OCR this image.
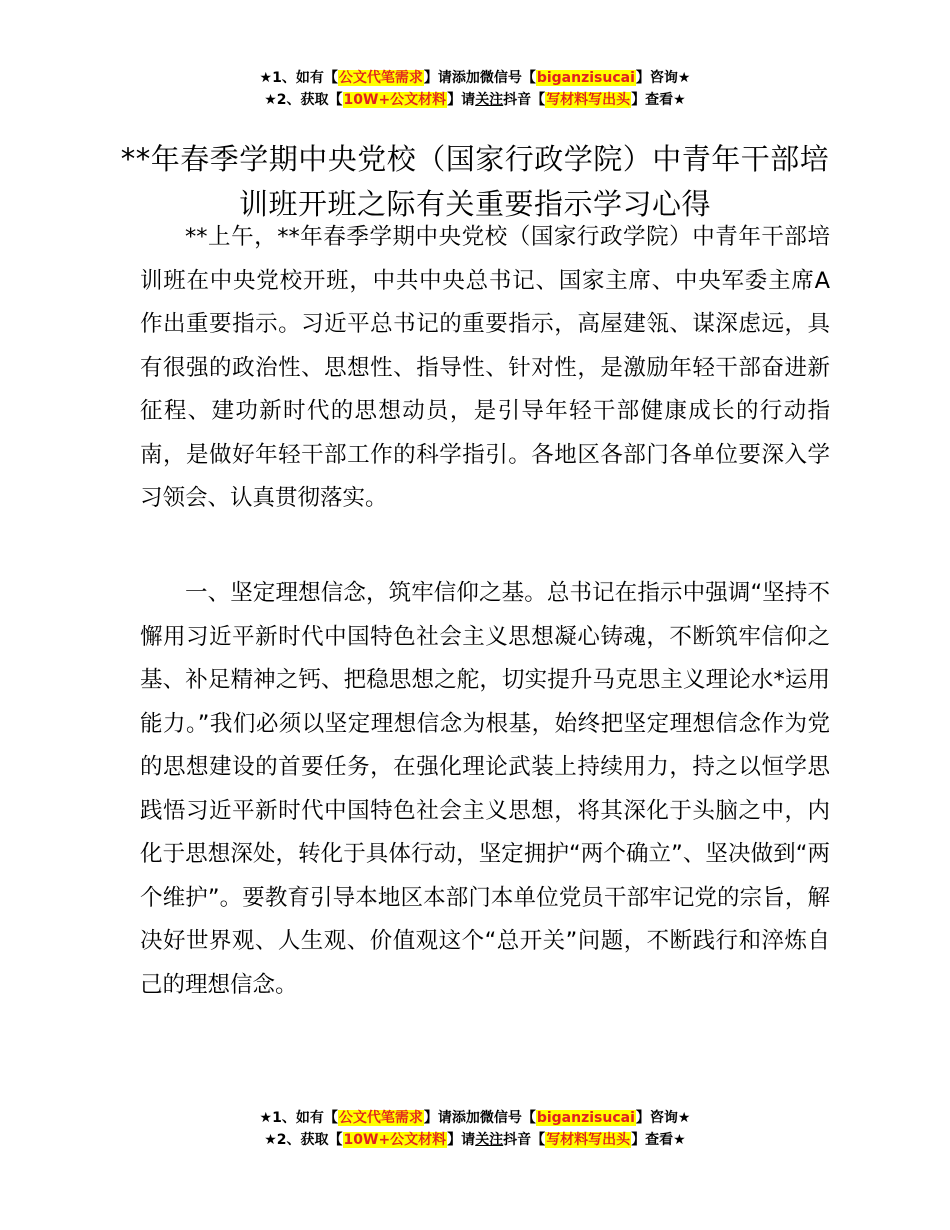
★1、如有【公文代笔需求】请添加微信号【biganzisucai】咨询★
★2、获取【10W+公文材料】请关注抖音【写材料写出头】查看★
**年春季学期中央党校（国家行政学院）中青年干部培训班开班之际有关重要指示学习心得

**上午，**年春季学期中央党校（国家行政学院）中青年干部培训班在中央党校开班，中共中央总书记、国家主席、中央军委主席A作出重要指示。习近平总书记的重要指示，高屋建瓴、谋深虑远，具有很强的政治性、思想性、指导性、针对性，是激励年轻干部奋进新征程、建功新时代的思想动员，是引导年轻干部健康成长的行动指南，是做好年轻干部工作的科学指引。各地区各部门各单位要深入学习领会、认真贯彻落实。

一、坚定理想信念，筑牢信仰之基。总书记在指示中强调“坚持不懈用习近平新时代中国特色社会主义思想凝心铸魂，不断筑牢信仰之基、补足精神之钙、把稳思想之舵，切实提升马克思主义理论水*运用能力。”我们必须以坚定理想信念为根基，始终把坚定理想信念作为党的思想建设的首要任务，在强化理论武装上持续用力，持之以恒学思践悟习近平新时代中国特色社会主义思想，将其深化于头脑之中，内化于思想深处，转化于具体行动，坚定拥护“两个确立”、坚决做到“两个维护”。要教育引导本地区本部门本单位党员干部牢记党的宗旨，解决好世界观、人生观、价值观这个“总开关”问题，不断践行和淬炼自己的理想信念。

★1、如有【公文代笔需求】请添加微信号【biganzisucai】咨询★
★2、获取【10W+公文材料】请关注抖音【写材料写出头】查看★
